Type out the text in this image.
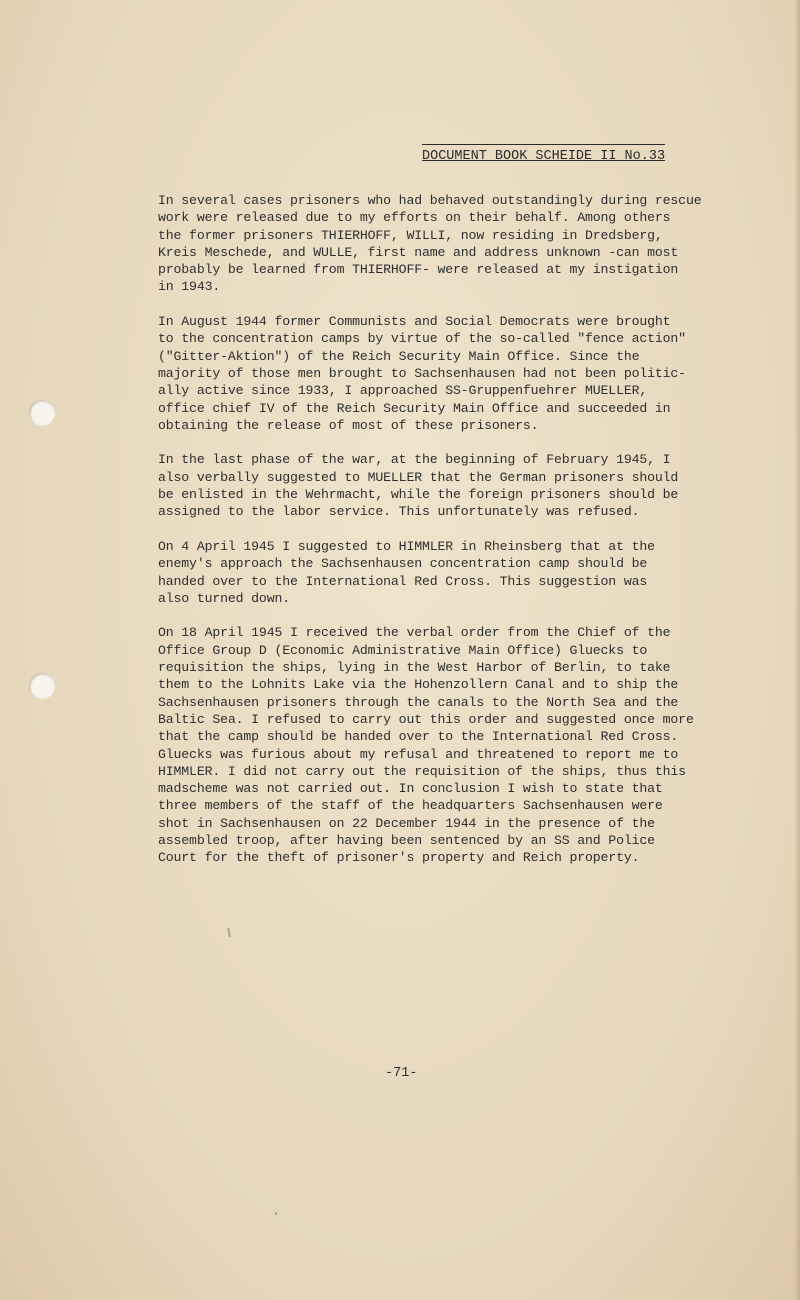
DOCUMENT BOOK SCHEIDE II No.33
In several cases prisoners who had behaved outstandingly during rescue
work were released due to my efforts on their behalf. Among others
the former prisoners THIERHOFF, WILLI, now residing in Dredsberg,
Kreis Meschede, and WULLE, first name and address unknown -can most
probably be learned from THIERHOFF- were released at my instigation
in 1943.
In August 1944 former Communists and Social Democrats were brought
to the concentration camps by virtue of the so-called "fence action"
("Gitter-Aktion") of the Reich Security Main Office. Since the
majority of those men brought to Sachsenhausen had not been politic-
ally active since 1933, I approached SS-Gruppenfuehrer MUELLER,
office chief IV of the Reich Security Main Office and succeeded in
obtaining the release of most of these prisoners.
In the last phase of the war, at the beginning of February 1945, I
also verbally suggested to MUELLER that the German prisoners should
be enlisted in the Wehrmacht, while the foreign prisoners should be
assigned to the labor service. This unfortunately was refused.
On 4 April 1945 I suggested to HIMMLER in Rheinsberg that at the
enemy's approach the Sachsenhausen concentration camp should be
handed over to the International Red Cross. This suggestion was
also turned down.
On 18 April 1945 I received the verbal order from the Chief of the
Office Group D (Economic Administrative Main Office) Gluecks to
requisition the ships, lying in the West Harbor of Berlin, to take
them to the Lohnits Lake via the Hohenzollern Canal and to ship the
Sachsenhausen prisoners through the canals to the North Sea and the
Baltic Sea. I refused to carry out this order and suggested once more
that the camp should be handed over to the International Red Cross.
Gluecks was furious about my refusal and threatened to report me to
HIMMLER. I did not carry out the requisition of the ships, thus this
madscheme was not carried out. In conclusion I wish to state that
three members of the staff of the headquarters Sachsenhausen were
shot in Sachsenhausen on 22 December 1944 in the presence of the
assembled troop, after having been sentenced by an SS and Police
Court for the theft of prisoner's property and Reich property.
-71-
